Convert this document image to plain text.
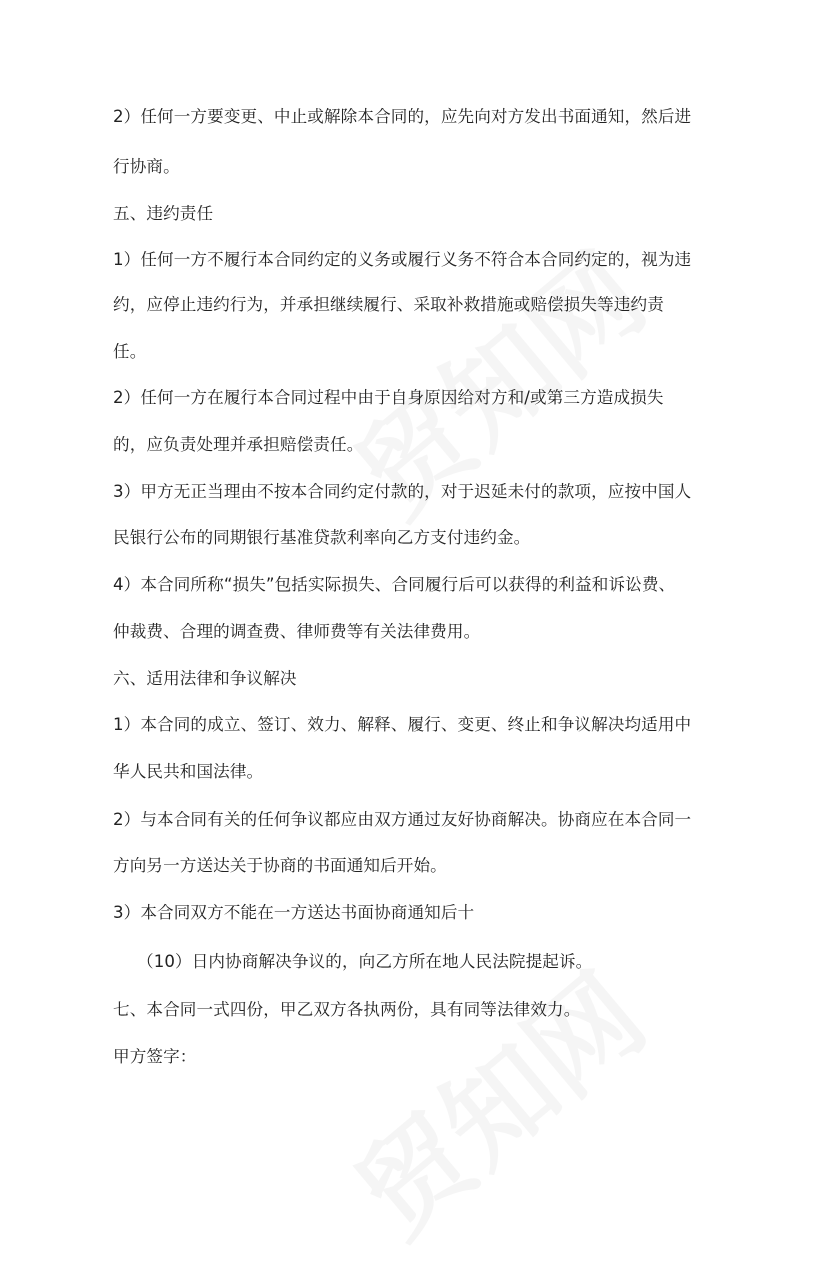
2）任何一方要变更、中止或解除本合同的，应先向对方发出书面通知，然后进
行协商。
五、违约责任
1）任何一方不履行本合同约定的义务或履行义务不符合本合同约定的，视为违
约，应停止违约行为，并承担继续履行、采取补救措施或赔偿损失等违约责
任。
2）任何一方在履行本合同过程中由于自身原因给对方和/或第三方造成损失
的，应负责处理并承担赔偿责任。
3）甲方无正当理由不按本合同约定付款的，对于迟延未付的款项，应按中国人
民银行公布的同期银行基准贷款利率向乙方支付违约金。
4）本合同所称“损失”包括实际损失、合同履行后可以获得的利益和诉讼费、
仲裁费、合理的调查费、律师费等有关法律费用。
六、适用法律和争议解决
1）本合同的成立、签订、效力、解释、履行、变更、终止和争议解决均适用中
华人民共和国法律。
2）与本合同有关的任何争议都应由双方通过友好协商解决。协商应在本合同一
方向另一方送达关于协商的书面通知后开始。
3）本合同双方不能在一方送达书面协商通知后十
（10）日内协商解决争议的，向乙方所在地人民法院提起诉。
七、本合同一式四份，甲乙双方各执两份，具有同等法律效力。
甲方签字：
